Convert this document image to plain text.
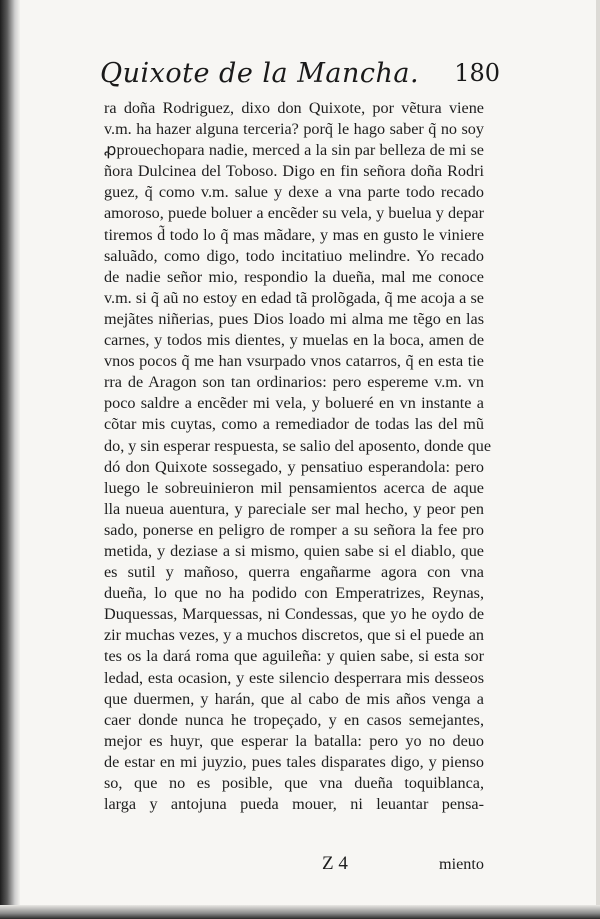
Quixote de la Mancha. 180
ra doña Rodriguez, dixo don Quixote, por vẽtura viene
v.m. ha hazer alguna terceria? porq̃ le hago saber q̃ no soy
ꝓprouechopara nadie, merced a la sin par belleza de mi se
ñora Dulcinea del Toboso. Digo en fin señora doña Rodri
guez, q̃ como v.m. salue y dexe a vna parte todo recado
amoroso, puede boluer a encẽder su vela, y buelua y depar
tiremos d̃ todo lo q̃ mas mãdare, y mas en gusto le viniere
saluãdo, como digo, todo incitatiuo melindre. Yo recado
de nadie señor mio, respondio la dueña, mal me conoce
v.m. si q̃ aũ no estoy en edad tã prolõgada, q̃ me acoja a se
mejãtes niñerias, pues Dios loado mi alma me tẽgo en las
carnes, y todos mis dientes, y muelas en la boca, amen de
vnos pocos q̃ me han vsurpado vnos catarros, q̃ en esta tie
rra de Aragon son tan ordinarios: pero espereme v.m. vn
poco saldre a encẽder mi vela, y bolueré en vn instante a
cõtar mis cuytas, como a remediador de todas las del mũ
do, y sin esperar respuesta, se salio del aposento, donde que
dó don Quixote sossegado, y pensatiuo esperandola: pero
luego le sobreuinieron mil pensamientos acerca de aque
lla nueua auentura, y pareciale ser mal hecho, y peor pen
sado, ponerse en peligro de romper a su señora la fee pro
metida, y deziase a si mismo, quien sabe si el diablo, que
es sutil y mañoso, querra engañarme agora con vna
dueña, lo que no ha podido con Emperatrizes, Reynas,
Duquessas, Marquessas, ni Condessas, que yo he oydo de
zir muchas vezes, y a muchos discretos, que si el puede an
tes os la dará roma que aguileña: y quien sabe, si esta sor
ledad, esta ocasion, y este silencio desperrara mis desseos
que duermen, y harán, que al cabo de mis años venga a
caer donde nunca he tropeçado, y en casos semejantes,
mejor es huyr, que esperar la batalla: pero yo no deuo
de estar en mi juyzio, pues tales disparates digo, y pienso
so, que no es posible, que vna dueña toquiblanca,
larga y antojuna pueda mouer, ni leuantar pensa-
Z 4	miento
